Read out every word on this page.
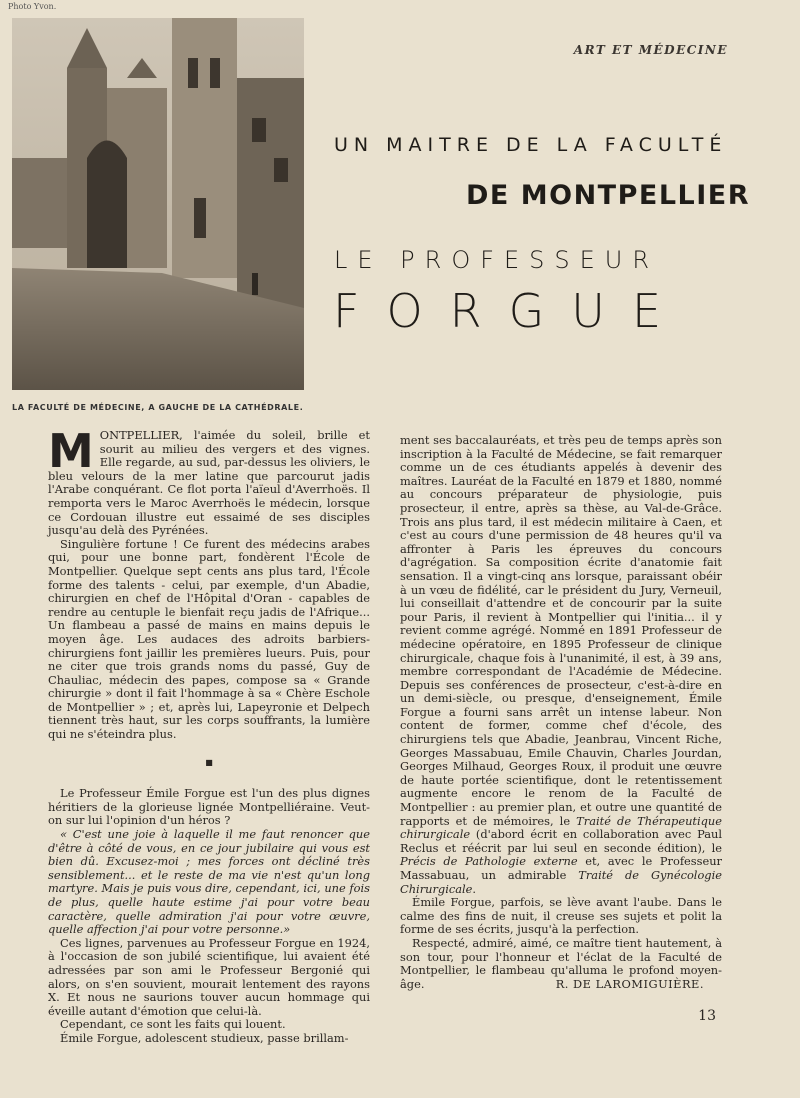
Photo Yvon.
ART ET MÉDECINE
LA FACULTÉ DE MÉDECINE, A GAUCHE DE LA CATHÉDRALE.
UN MAITRE DE LA FACULTÉ
DE MONTPELLIER
LE PROFESSEUR
FORGUE

MONTPELLIER, l'aimée du soleil, brille et sourit au milieu des vergers et des vignes. Elle regarde, au sud, par-dessus les oliviers, le bleu velours de la mer latine que parcourut jadis l'Arabe conquérant. Ce flot porta l'aïeul d'Averrhoës. Il remporta vers le Maroc Averrhoës le médecin, lorsque ce Cordouan illustre eut essaimé de ses disciples jusqu'au delà des Pyrénées.

Singulière fortune ! Ce furent des médecins arabes qui, pour une bonne part, fondèrent l'École de Montpellier. Quelque sept cents ans plus tard, l'École forme des talents - celui, par exemple, d'un Abadie, chirurgien en chef de l'Hôpital d'Oran - capables de rendre au centuple le bienfait reçu jadis de l'Afrique... Un flambeau a passé de mains en mains depuis le moyen âge. Les audaces des adroits barbiers-chirurgiens font jaillir les premières lueurs. Puis, pour ne citer que trois grands noms du passé, Guy de Chauliac, médecin des papes, compose sa « Grande chirurgie » dont il fait l'hommage à sa « Chère Eschole de Montpellier » ; et, après lui, Lapeyronie et Delpech tiennent très haut, sur les corps souffrants, la lumière qui ne s'éteindra plus.

■

Le Professeur Émile Forgue est l'un des plus dignes héritiers de la glorieuse lignée Montpelliéraine. Veut-on sur lui l'opinion d'un héros ?

« C'est une joie à laquelle il me faut renoncer que d'être à côté de vous, en ce jour jubilaire qui vous est bien dû. Excusez-moi ; mes forces ont décliné très sensiblement... et le reste de ma vie n'est qu'un long martyre. Mais je puis vous dire, cependant, ici, une fois de plus, quelle haute estime j'ai pour votre beau caractère, quelle admiration j'ai pour votre œuvre, quelle affection j'ai pour votre personne.»

Ces lignes, parvenues au Professeur Forgue en 1924, à l'occasion de son jubilé scientifique, lui avaient été adressées par son ami le Professeur Bergonié qui alors, on s'en souvient, mourait lentement des rayons X. Et nous ne saurions touver aucun hommage qui éveille autant d'émotion que celui-là.

Cependant, ce sont les faits qui louent.

Émile Forgue, adolescent studieux, passe brillam-

ment ses baccalauréats, et très peu de temps après son inscription à la Faculté de Médecine, se fait remarquer comme un de ces étudiants appelés à devenir des maîtres. Lauréat de la Faculté en 1879 et 1880, nommé au concours préparateur de physiologie, puis prosecteur, il entre, après sa thèse, au Val-de-Grâce. Trois ans plus tard, il est médecin militaire à Caen, et c'est au cours d'une permission de 48 heures qu'il va affronter à Paris les épreuves du concours d'agrégation. Sa composition écrite d'anatomie fait sensation. Il a vingt-cinq ans lorsque, paraissant obéir à un vœu de fidélité, car le président du Jury, Verneuil, lui conseillait d'attendre et de concourir par la suite pour Paris, il revient à Montpellier qui l'initia... il y revient comme agrégé. Nommé en 1891 Professeur de médecine opératoire, en 1895 Professeur de clinique chirurgicale, chaque fois à l'unanimité, il est, à 39 ans, membre correspondant de l'Académie de Médecine. Depuis ses conférences de prosecteur, c'est-à-dire en un demi-siècle, ou presque, d'enseignement, Émile Forgue a fourni sans arrêt un intense labeur. Non content de former, comme chef d'école, des chirurgiens tels que Abadie, Jeanbrau, Vincent Riche, Georges Massabuau, Emile Chauvin, Charles Jourdan, Georges Milhaud, Georges Roux, il produit une œuvre de haute portée scientifique, dont le retentissement augmente encore le renom de la Faculté de Montpellier : au premier plan, et outre une quantité de rapports et de mémoires, le Traité de Thérapeutique chirurgicale (d'abord écrit en collaboration avec Paul Reclus et réécrit par lui seul en seconde édition), le Précis de Pathologie externe et, avec le Professeur Massabuau, un admirable Traité de Gynécologie Chirurgicale.

Émile Forgue, parfois, se lève avant l'aube. Dans le calme des fins de nuit, il creuse ses sujets et polit la forme de ses écrits, jusqu'à la perfection.

Respecté, admiré, aimé, ce maître tient hautement, à son tour, pour l'honneur et l'éclat de la Faculté de Montpellier, le flambeau qu'alluma le profond moyen-âge.	R. DE LAROMIGUIÈRE.
13
